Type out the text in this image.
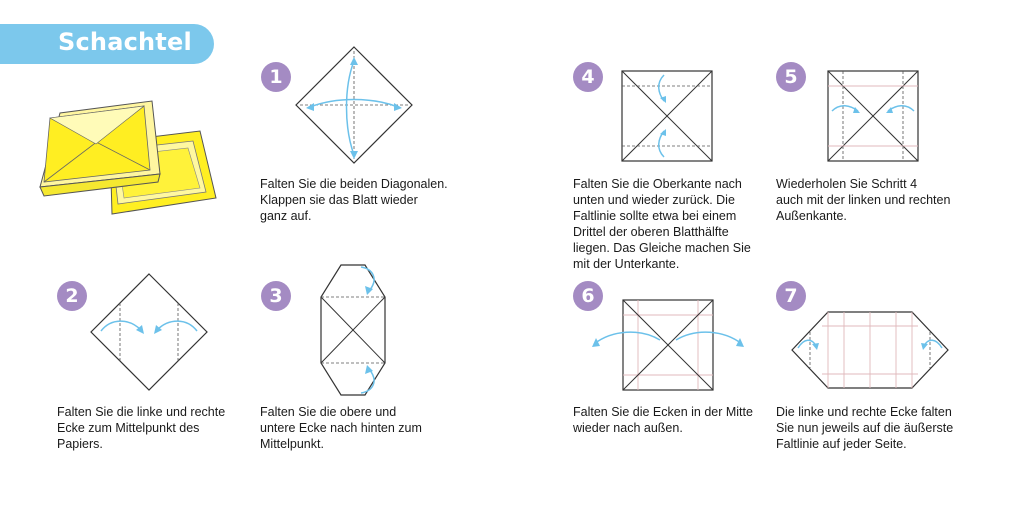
Schachtel
1
Falten Sie die beiden Diagonalen.
Klappen sie das Blatt wieder
ganz auf.
2
Falten Sie die linke und rechte
Ecke zum Mittelpunkt des
Papiers.
3
Falten Sie die obere und
untere Ecke nach hinten zum
Mittelpunkt.
4
Falten Sie die Oberkante nach
unten und wieder zurück. Die
Faltlinie sollte etwa bei einem
Drittel der oberen Blatthälfte
liegen. Das Gleiche machen Sie
mit der Unterkante.
5
Wiederholen Sie Schritt 4
auch mit der linken und rechten
Außenkante.
6
Falten Sie die Ecken in der Mitte
wieder nach außen.
7
Die linke und rechte Ecke falten
Sie nun jeweils auf die äußerste
Faltlinie auf jeder Seite.
